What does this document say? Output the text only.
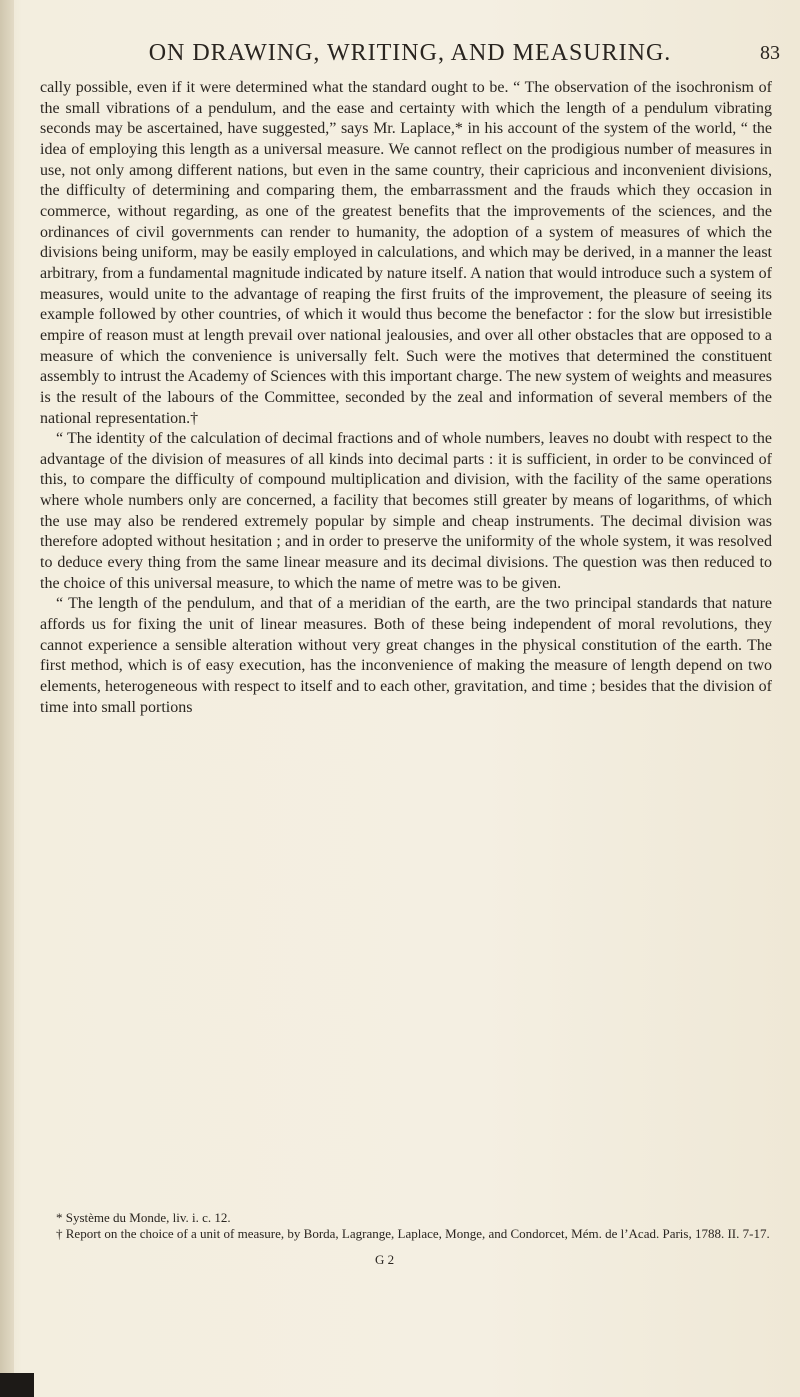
ON DRAWING, WRITING, AND MEASURING.	83

cally possible, even if it were determined what the standard ought to be. “ The observation of the isochronism of the small vibrations of a pendulum, and the ease and certainty with which the length of a pendulum vibrating seconds may be ascertained, have suggested,” says Mr. Laplace,* in his account of the system of the world, “ the idea of employing this length as a universal measure. We cannot reflect on the prodigious number of measures in use, not only among different nations, but even in the same country, their capricious and inconvenient divisions, the difficulty of determining and comparing them, the embarrassment and the frauds which they occasion in commerce, without regarding, as one of the greatest benefits that the improvements of the sciences, and the ordinances of civil governments can render to humanity, the adoption of a system of measures of which the divisions being uniform, may be easily employed in calculations, and which may be derived, in a manner the least arbitrary, from a fundamental magnitude indicated by nature itself. A nation that would introduce such a system of measures, would unite to the advantage of reaping the first fruits of the improvement, the pleasure of seeing its example followed by other countries, of which it would thus become the benefactor : for the slow but irresistible empire of reason must at length prevail over national jealousies, and over all other obstacles that are opposed to a measure of which the convenience is universally felt. Such were the motives that determined the constituent assembly to intrust the Academy of Sciences with this important charge. The new system of weights and measures is the result of the labours of the Committee, seconded by the zeal and information of several members of the national representation.†

“ The identity of the calculation of decimal fractions and of whole numbers, leaves no doubt with respect to the advantage of the division of measures of all kinds into decimal parts : it is sufficient, in order to be convinced of this, to compare the difficulty of compound multiplication and division, with the facility of the same operations where whole numbers only are concerned, a facility that becomes still greater by means of logarithms, of which the use may also be rendered extremely popular by simple and cheap instruments. The decimal division was therefore adopted without hesitation ; and in order to preserve the uniformity of the whole system, it was resolved to deduce every thing from the same linear measure and its decimal divisions. The question was then reduced to the choice of this universal measure, to which the name of metre was to be given.

“ The length of the pendulum, and that of a meridian of the earth, are the two principal standards that nature affords us for fixing the unit of linear measures. Both of these being independent of moral revolutions, they cannot experience a sensible alteration without very great changes in the physical constitution of the earth. The first method, which is of easy execution, has the inconvenience of making the measure of length depend on two elements, heterogeneous with respect to itself and to each other, gravitation, and time ; besides that the division of time into small portions

* Système du Monde, liv. i. c. 12.

† Report on the choice of a unit of measure, by Borda, Lagrange, Laplace, Monge, and Condorcet, Mém. de l’Acad. Paris, 1788. II. 7-17.

G 2
